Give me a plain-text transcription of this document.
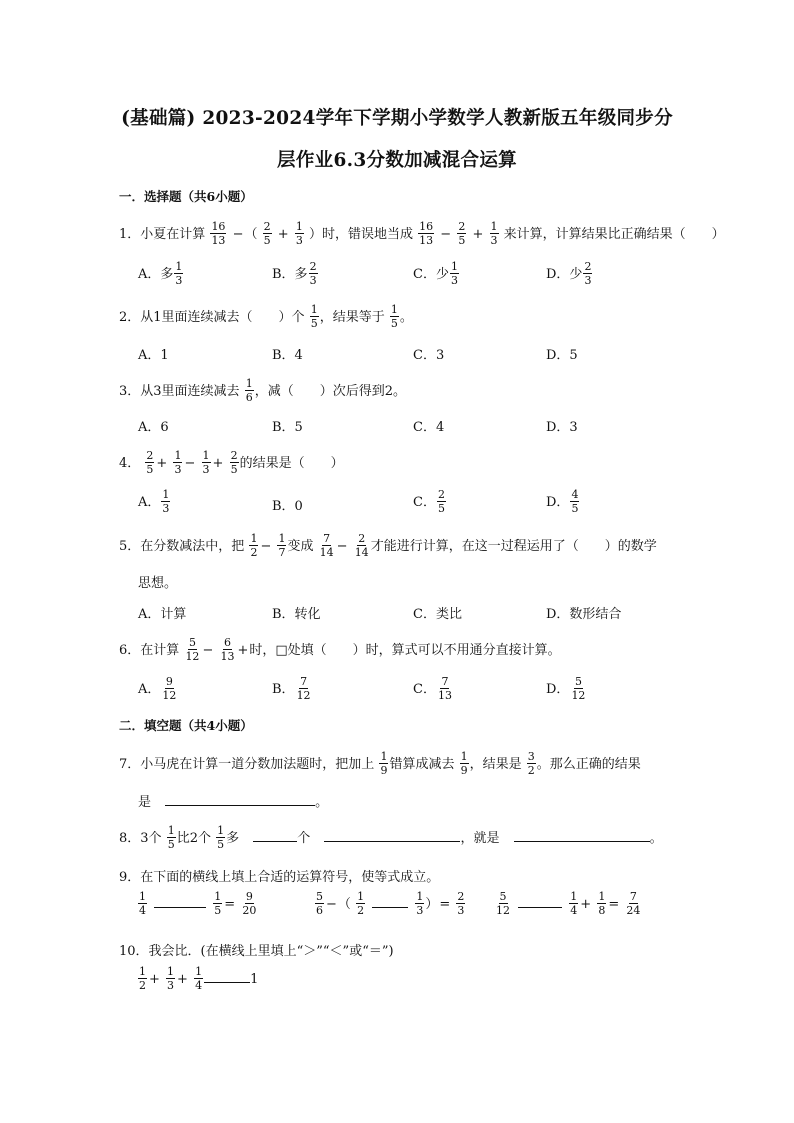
(基础篇) 2023-2024学年下学期小学数学人教新版五年级同步分
层作业6.3分数加减混合运算
一．选择题（共6小题）
1．小夏在计算 $\frac{16}{13}$ −（ $\frac{2}{5} + \frac{1}{3}$ ）时，错误地当成 $\frac{16}{13} - \frac{2}{5} + \frac{1}{3}$ 来计算，计算结果比正确结果（　　）
A．多 $\frac{1}{3}$	B．多 $\frac{2}{3}$	C．少 $\frac{1}{3}$	D．少 $\frac{2}{3}$
2．从1里面连续减去（　　）个 $\frac{1}{5}$ ，结果等于 $\frac{1}{5}$ 。
A．1	B．4	C．3	D．5
3．从3里面连续减去 $\frac{1}{6}$ ，减（　　）次后得到2。
A．6	B．5	C．4	D．3
4． $\frac{2}{5} + \frac{1}{3} - \frac{1}{3} + \frac{2}{5}$ 的结果是（　　）
A． $\frac{1}{3}$	B．0	C． $\frac{2}{5}$	D． $\frac{4}{5}$
5．在分数减法中，把 $\frac{1}{2} - \frac{1}{7}$ 变成 $\frac{7}{14} - \frac{2}{14}$ 才能进行计算，在这一过程运用了（　　）的数学
思想。
A．计算	B．转化	C．类比	D．数形结合
6．在计算 $\frac{5}{12} - \frac{6}{13}$ +时，□处填（　　）时，算式可以不用通分直接计算。
A． $\frac{9}{12}$	B． $\frac{7}{12}$	C． $\frac{7}{13}$	D． $\frac{5}{12}$
二．填空题（共4小题）
7．小马虎在计算一道分数加法题时，把加上 $\frac{1}{9}$ 错算成减去 $\frac{1}{9}$ ，结果是 $\frac{3}{2}$ 。那么正确的结果
是	。
8．3个 $\frac{1}{5}$ 比2个 $\frac{1}{5}$ 多	个	，就是	。
9．在下面的横线上填上合适的运算符号，使等式成立。
$\frac{1}{4}$
	$\frac{1}{5} = \frac{9}{20}$	$\frac{5}{6}$ −（ $\frac{1}{2}$
	$\frac{1}{3}$ ）= $\frac{2}{3}$	$\frac{5}{12}$
	$\frac{1}{4} + \frac{1}{8} = \frac{7}{24}$
10．我会比．(在横线上里填上“＞”“＜”或“＝”)
$\frac{1}{2} + \frac{1}{3} + \frac{1}{4}$	1
